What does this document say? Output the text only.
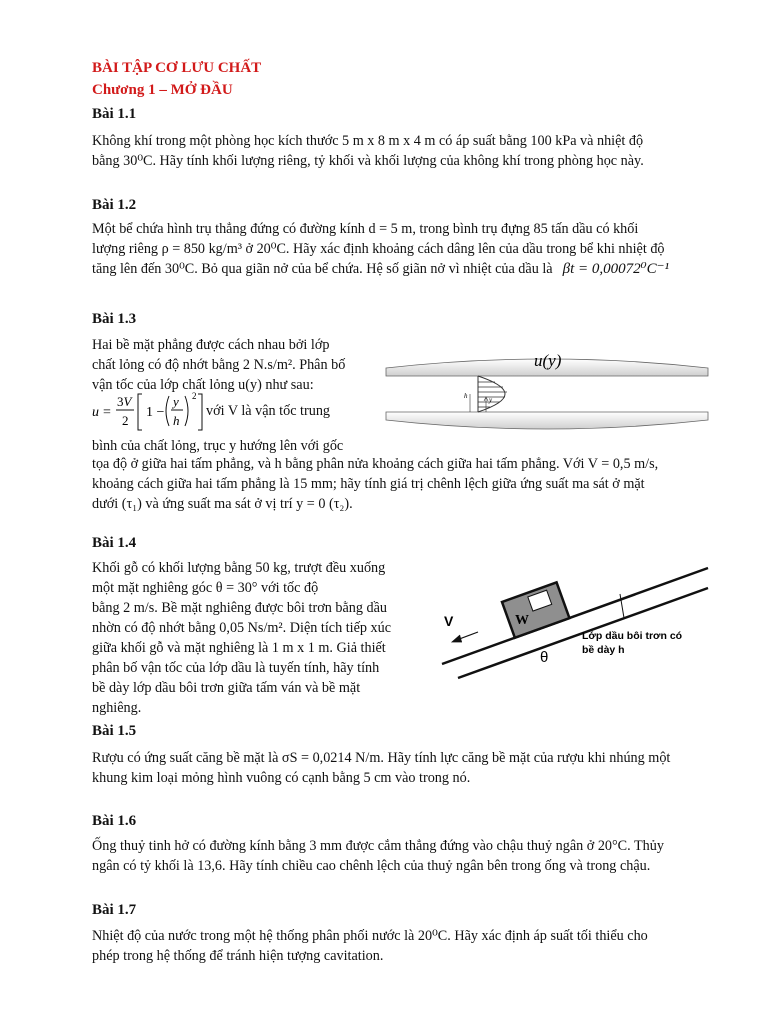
BÀI TẬP CƠ LƯU CHẤT
Chương 1 – MỞ ĐẦU
Bài 1.1
Không khí trong một phòng học kích thước 5 m x 8 m x 4 m có áp suất bằng 100 kPa và nhiệt độ
bằng 30⁰C. Hãy tính khối lượng riêng, tỷ khối và khối lượng của không khí trong phòng học này.
Bài 1.2
Một bể chứa hình trụ thẳng đứng có đường kính d = 5 m, trong bình trụ đựng 85 tấn dầu có khối
lượng riêng ρ = 850 kg/m³ ở 20⁰C. Hãy xác định khoảng cách dâng lên của dầu trong bể khi nhiệt độ
tăng lên đến 30⁰C. Bỏ qua giãn nở của bể chứa. Hệ số giãn nở vì nhiệt của dầu là βt = 0,00072⁰C⁻¹
Bài 1.3
Hai bề mặt phẳng được cách nhau bởi lớp
chất lỏng có độ nhớt bằng 2 N.s/m². Phân bố
vận tốc của lớp chất lỏng u(y) như sau:
u =
3V
2
1 −
y
h
2
với V là vận tốc trung
bình của chất lỏng, trục y hướng lên với gốc
tọa độ ở giữa hai tấm phẳng, và h bằng phân nửa khoảng cách giữa hai tấm phẳng. Với V = 0,5 m/s,
khoảng cách giữa hai tấm phẳng là 15 mm; hãy tính giá trị chênh lệch giữa ứng suất ma sát ở mặt
dưới (τ₁) và ứng suất ma sát ở vị trí y = 0 (τ₂).
h	y
u(y)
Bài 1.4
Khối gỗ có khối lượng bằng 50 kg, trượt đều xuống
một mặt nghiêng góc θ = 30° với tốc độ
bằng 2 m/s. Bề mặt nghiêng được bôi trơn bằng dầu
nhờn có độ nhớt bằng 0,05 Ns/m². Diện tích tiếp xúc
giữa khối gỗ và mặt nghiêng là 1 m x 1 m. Giả thiết
phân bố vận tốc của lớp dầu là tuyến tính, hãy tính
bề dày lớp dầu bôi trơn giữa tấm ván và bề mặt
nghiêng.
W
V
θ
Lớp dầu bôi trơn có
bề dày h
Bài 1.5
Rượu có ứng suất căng bề mặt là σS = 0,0214 N/m. Hãy tính lực căng bề mặt của rượu khi nhúng một
khung kim loại mỏng hình vuông có cạnh bằng 5 cm vào trong nó.
Bài 1.6
Ống thuỷ tinh hở có đường kính bằng 3 mm được cắm thẳng đứng vào chậu thuỷ ngân ở 20°C. Thủy
ngân có tỷ khối là 13,6. Hãy tính chiều cao chênh lệch của thuỷ ngân bên trong ống và trong chậu.
Bài 1.7
Nhiệt độ của nước trong một hệ thống phân phối nước là 20⁰C. Hãy xác định áp suất tối thiểu cho
phép trong hệ thống để tránh hiện tượng cavitation.
